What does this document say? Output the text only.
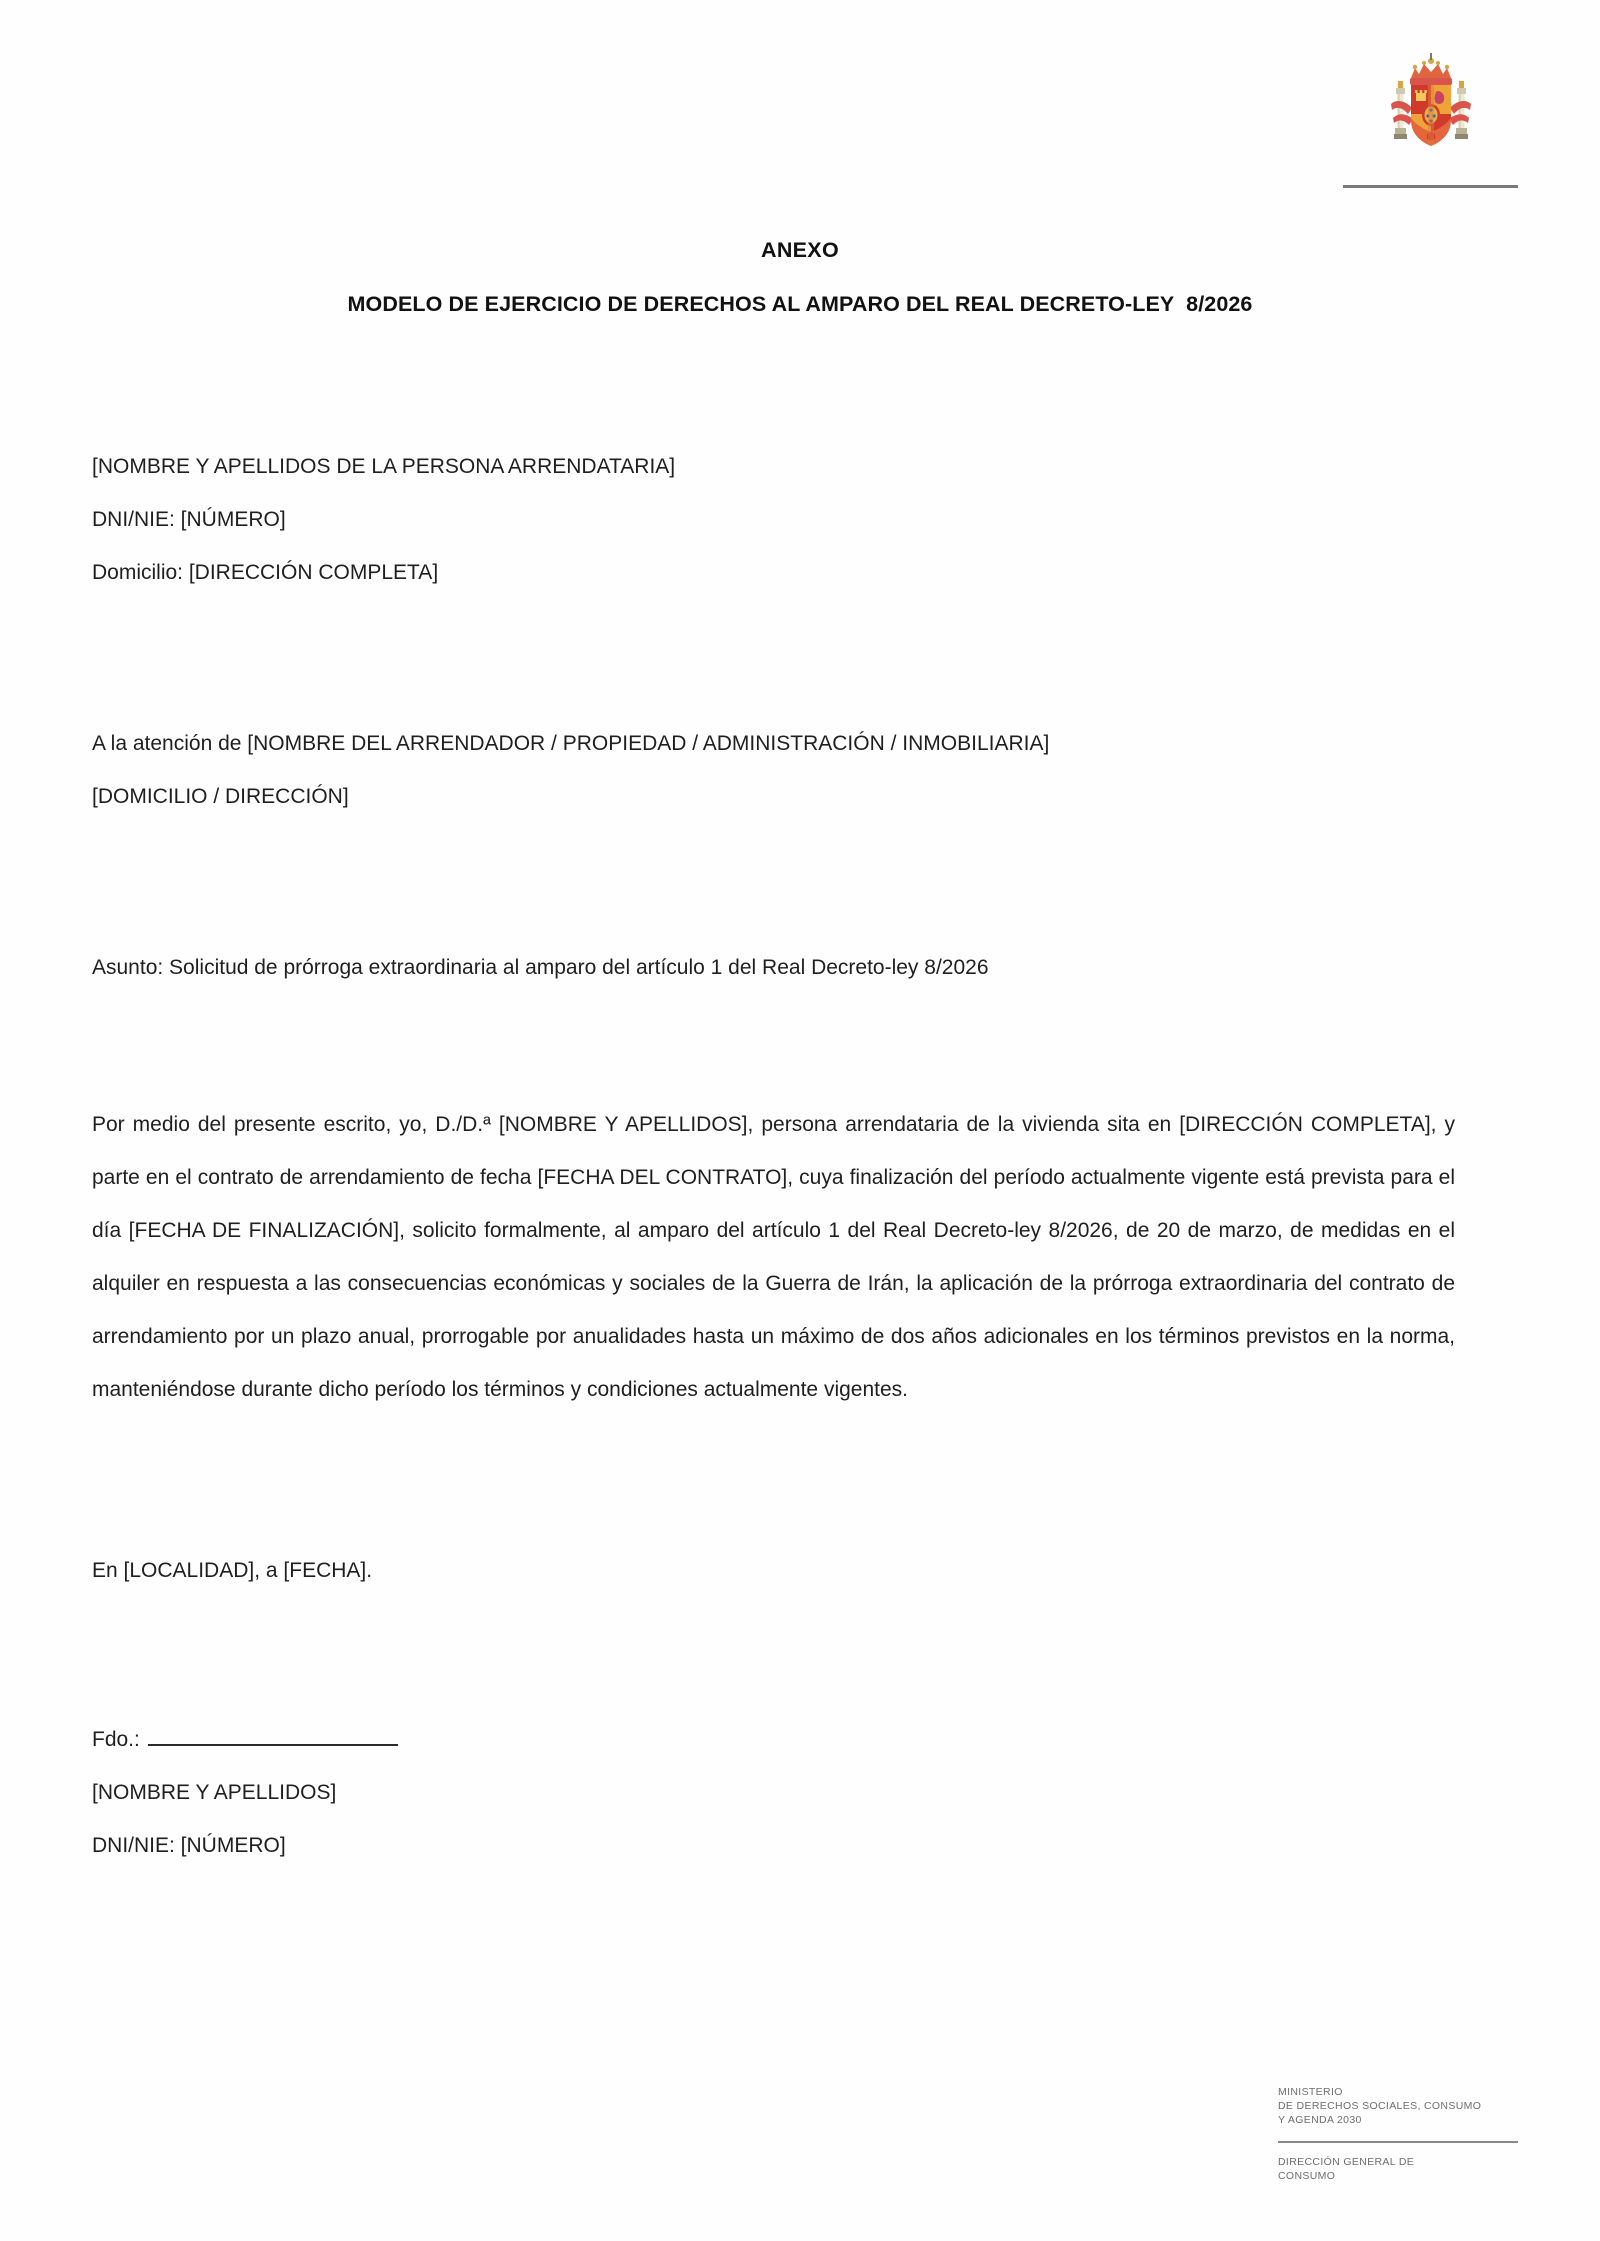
ANEXO
MODELO DE EJERCICIO DE DERECHOS AL AMPARO DEL REAL DECRETO-LEY  8/2026
[NOMBRE Y APELLIDOS DE LA PERSONA ARRENDATARIA]
DNI/NIE: [NÚMERO]
Domicilio: [DIRECCIÓN COMPLETA]
A la atención de [NOMBRE DEL ARRENDADOR / PROPIEDAD / ADMINISTRACIÓN / INMOBILIARIA]
[DOMICILIO / DIRECCIÓN]
Asunto: Solicitud de prórroga extraordinaria al amparo del artículo 1 del Real Decreto-ley 8/2026

Por medio del presente escrito, yo, D./D.ª [NOMBRE Y APELLIDOS], persona arrendataria de la vivienda sita en [DIRECCIÓN COMPLETA], y parte en el contrato de arrendamiento de fecha [FECHA DEL CONTRATO], cuya finalización del período actualmente vigente está prevista para el día [FECHA DE FINALIZACIÓN], solicito formalmente, al amparo del artículo 1 del Real Decreto-ley 8/2026, de 20 de marzo, de medidas en el alquiler en respuesta a las consecuencias económicas y sociales de la Guerra de Irán, la aplicación de la prórroga extraordinaria del contrato de arrendamiento por un plazo anual, prorrogable por anualidades hasta un máximo de dos años adicionales en los términos previstos en la norma, manteniéndose durante dicho período los términos y condiciones actualmente vigentes.

En [LOCALIDAD], a [FECHA].
Fdo.:
[NOMBRE Y APELLIDOS]
DNI/NIE: [NÚMERO]
MINISTERIO
DE DERECHOS SOCIALES, CONSUMO
Y AGENDA 2030
DIRECCIÓN GENERAL DE
CONSUMO
